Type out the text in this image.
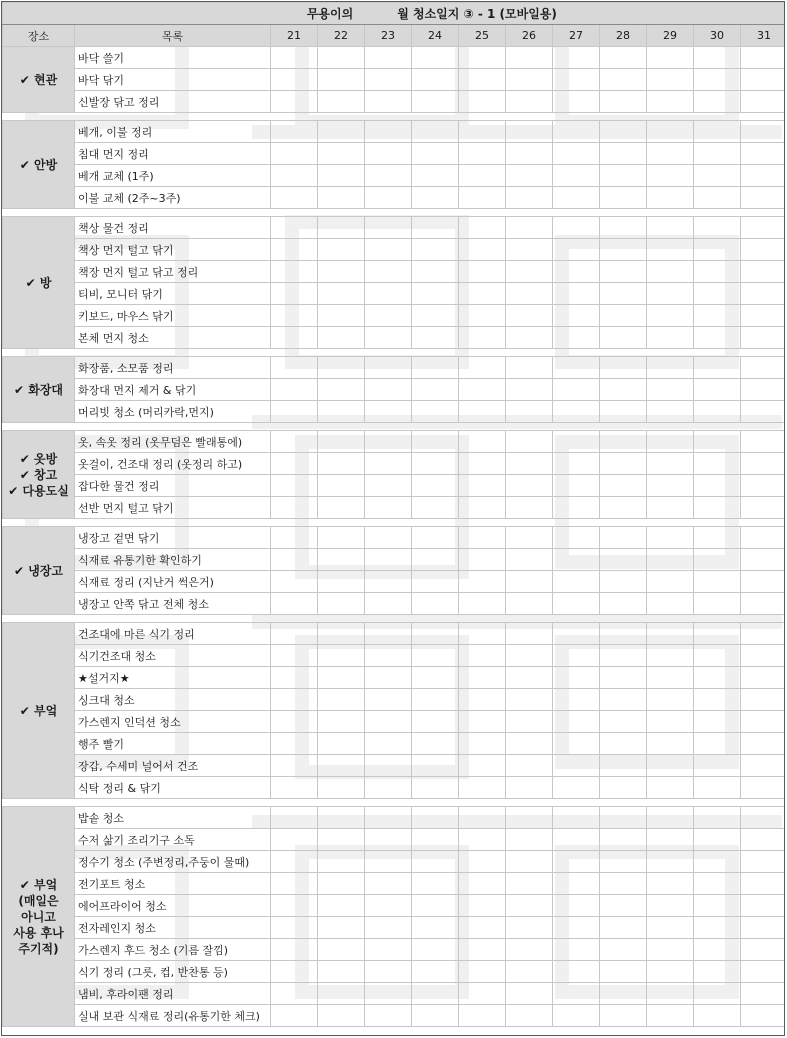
무용이의 월 청소일지 ③ - 1 (모바일용)												
장소	목록	21	22	23	24	25	26	27	28	29	30	31

✔ 현관	바닥 쓸기											
	바닥 닦기											
	신발장 닦고 정리											

✔ 안방	베개, 이불 정리											
	침대 먼지 정리											
	베개 교체 (1주)											
	이불 교체 (2주~3주)											

✔ 방	책상 물건 정리											
	책상 먼지 털고 닦기											
	책장 먼지 털고 닦고 정리											
	티비, 모니터 닦기											
	키보드, 마우스 닦기											
	본체 먼지 청소											

✔ 화장대	화장품, 소모품 정리											
	화장대 먼지 제거 & 닦기											
	머리빗 청소 (머리카락,먼지)											

✔ 옷방
✔ 창고
✔ 다용도실	옷, 속옷 정리 (옷무덤은 빨래통에)											
	옷걸이, 건조대 정리 (옷정리 하고)											
	잡다한 물건 정리											
	선반 먼지 털고 닦기											

✔ 냉장고	냉장고 겉면 닦기											
	식재료 유통기한 확인하기											
	식재료 정리 (지난거 썩은거)											
	냉장고 안쪽 닦고 전체 청소											

✔ 부엌	건조대에 마른 식기 정리											
	식기건조대 청소											
	★설거지★											
	싱크대 청소											
	가스렌지 인덕션 청소											
	행주 빨기											
	장갑, 수세미 널어서 건조											
	식탁 정리 & 닦기											

✔ 부엌
(매일은
아니고
사용 후나
주기적)	밥솥 청소											
	수저 삶기 조리기구 소독											
	정수기 청소 (주변정리,주둥이 물때)											
	전기포트 청소											
	에어프라이어 청소											
	전자레인지 청소											
	가스렌지 후드 청소 (기름 잘낌)											
	식기 정리 (그릇, 컵, 반찬통 등)											
	냄비, 후라이팬 정리											
	실내 보관 식재료 정리(유통기한 체크)											
